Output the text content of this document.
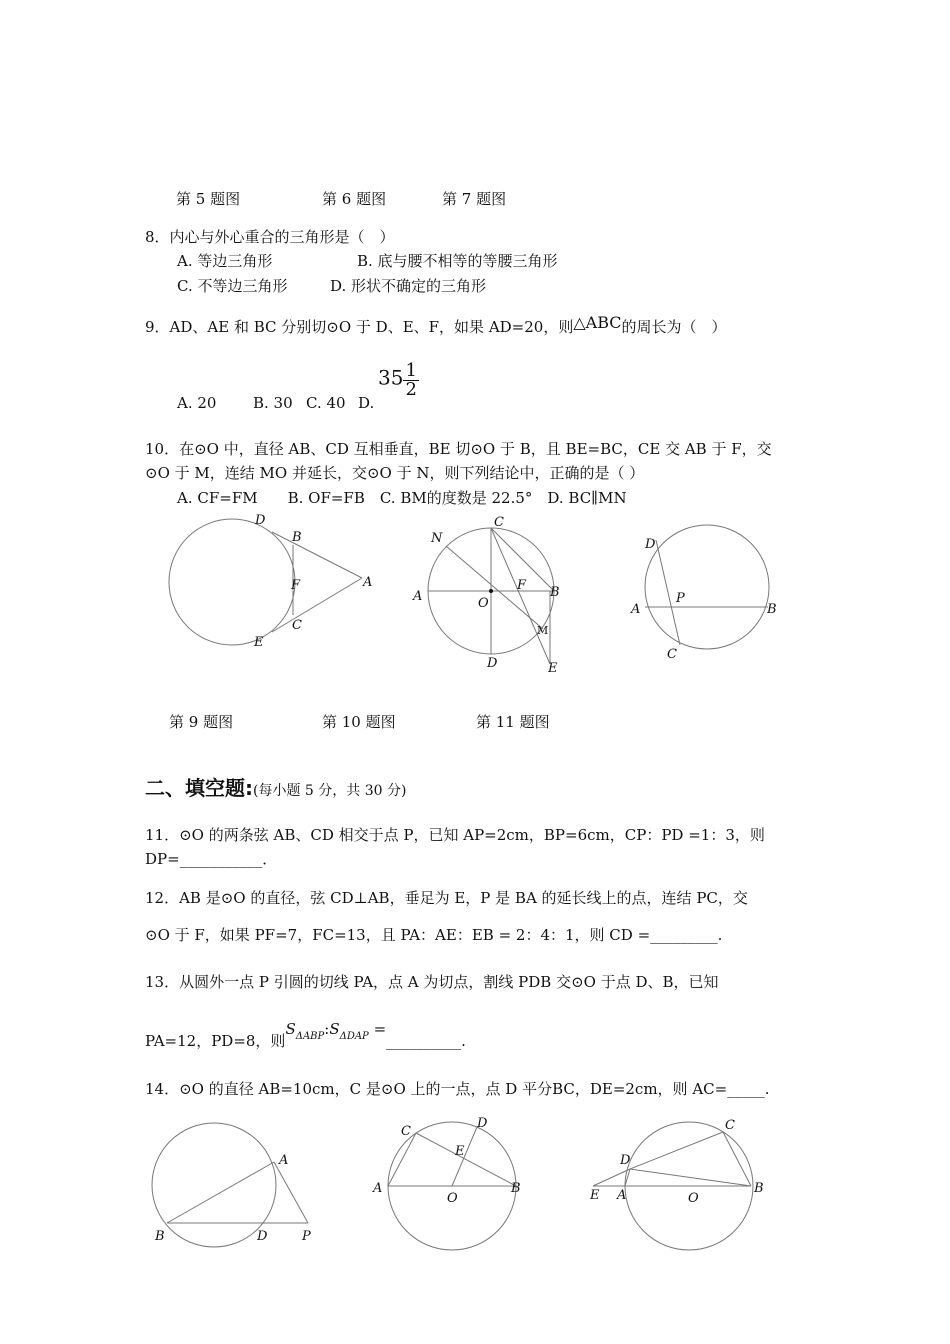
第 5 题图	第 6 题图	第 7 题图
8．内心与外心重合的三角形是（　）
A. 等边三角形	B. 底与腰不相等的等腰三角形
C. 不等边三角形	D. 形状不确定的三角形
9．AD、AE 和 BC 分别切⊙O 于 D、E、F，如果 AD=20，则△ABC的周长为（　）
$35 \frac{1}{2}$
A. 20 B. 30 C. 40 D.
10．在⊙O 中，直径 AB、CD 互相垂直，BE 切⊙O 于 B，且 BE=BC，CE 交 AB 于 F，交
⊙O 于 M，连结 MO 并延长，交⊙O 于 N，则下列结论中，正确的是（ ）
A. CF=FM　　B. OF=FB　C. BM的度数是 22.5°　D. BC∥MN
D
B
F	A
C
E
C
N
A	O
F B
M
D	E
D
A
P
B
C
第 9 题图	第 10 题图	第 11 题图
二、填空题:(每小题 5 分，共 30 分)
11．⊙O 的两条弦 AB、CD 相交于点 P，已知 AP=2cm，BP=6cm，CP：PD =1：3，则
DP=___________．
12．AB 是⊙O 的直径，弦 CD⊥AB，垂足为 E，P 是 BA 的延长线上的点，连结 PC，交
⊙O 于 F，如果 PF=7，FC=13，且 PA：AE：EB = 2：4：1，则 CD =_________.
13．从圆外一点 P 引圆的切线 PA，点 A 为切点，割线 PDB 交⊙O 于点 D、B，已知
PA=12，PD=8，则$S_{\Delta ABP}:S_{\Delta DAP}$ =__________.
14．⊙O 的直径 AB=10cm，C 是⊙O 上的一点，点 D 平分BC，DE=2cm，则 AC=_____.
A
B	D	P
C
D
E
A
O
B
C
D
E A	O
B
